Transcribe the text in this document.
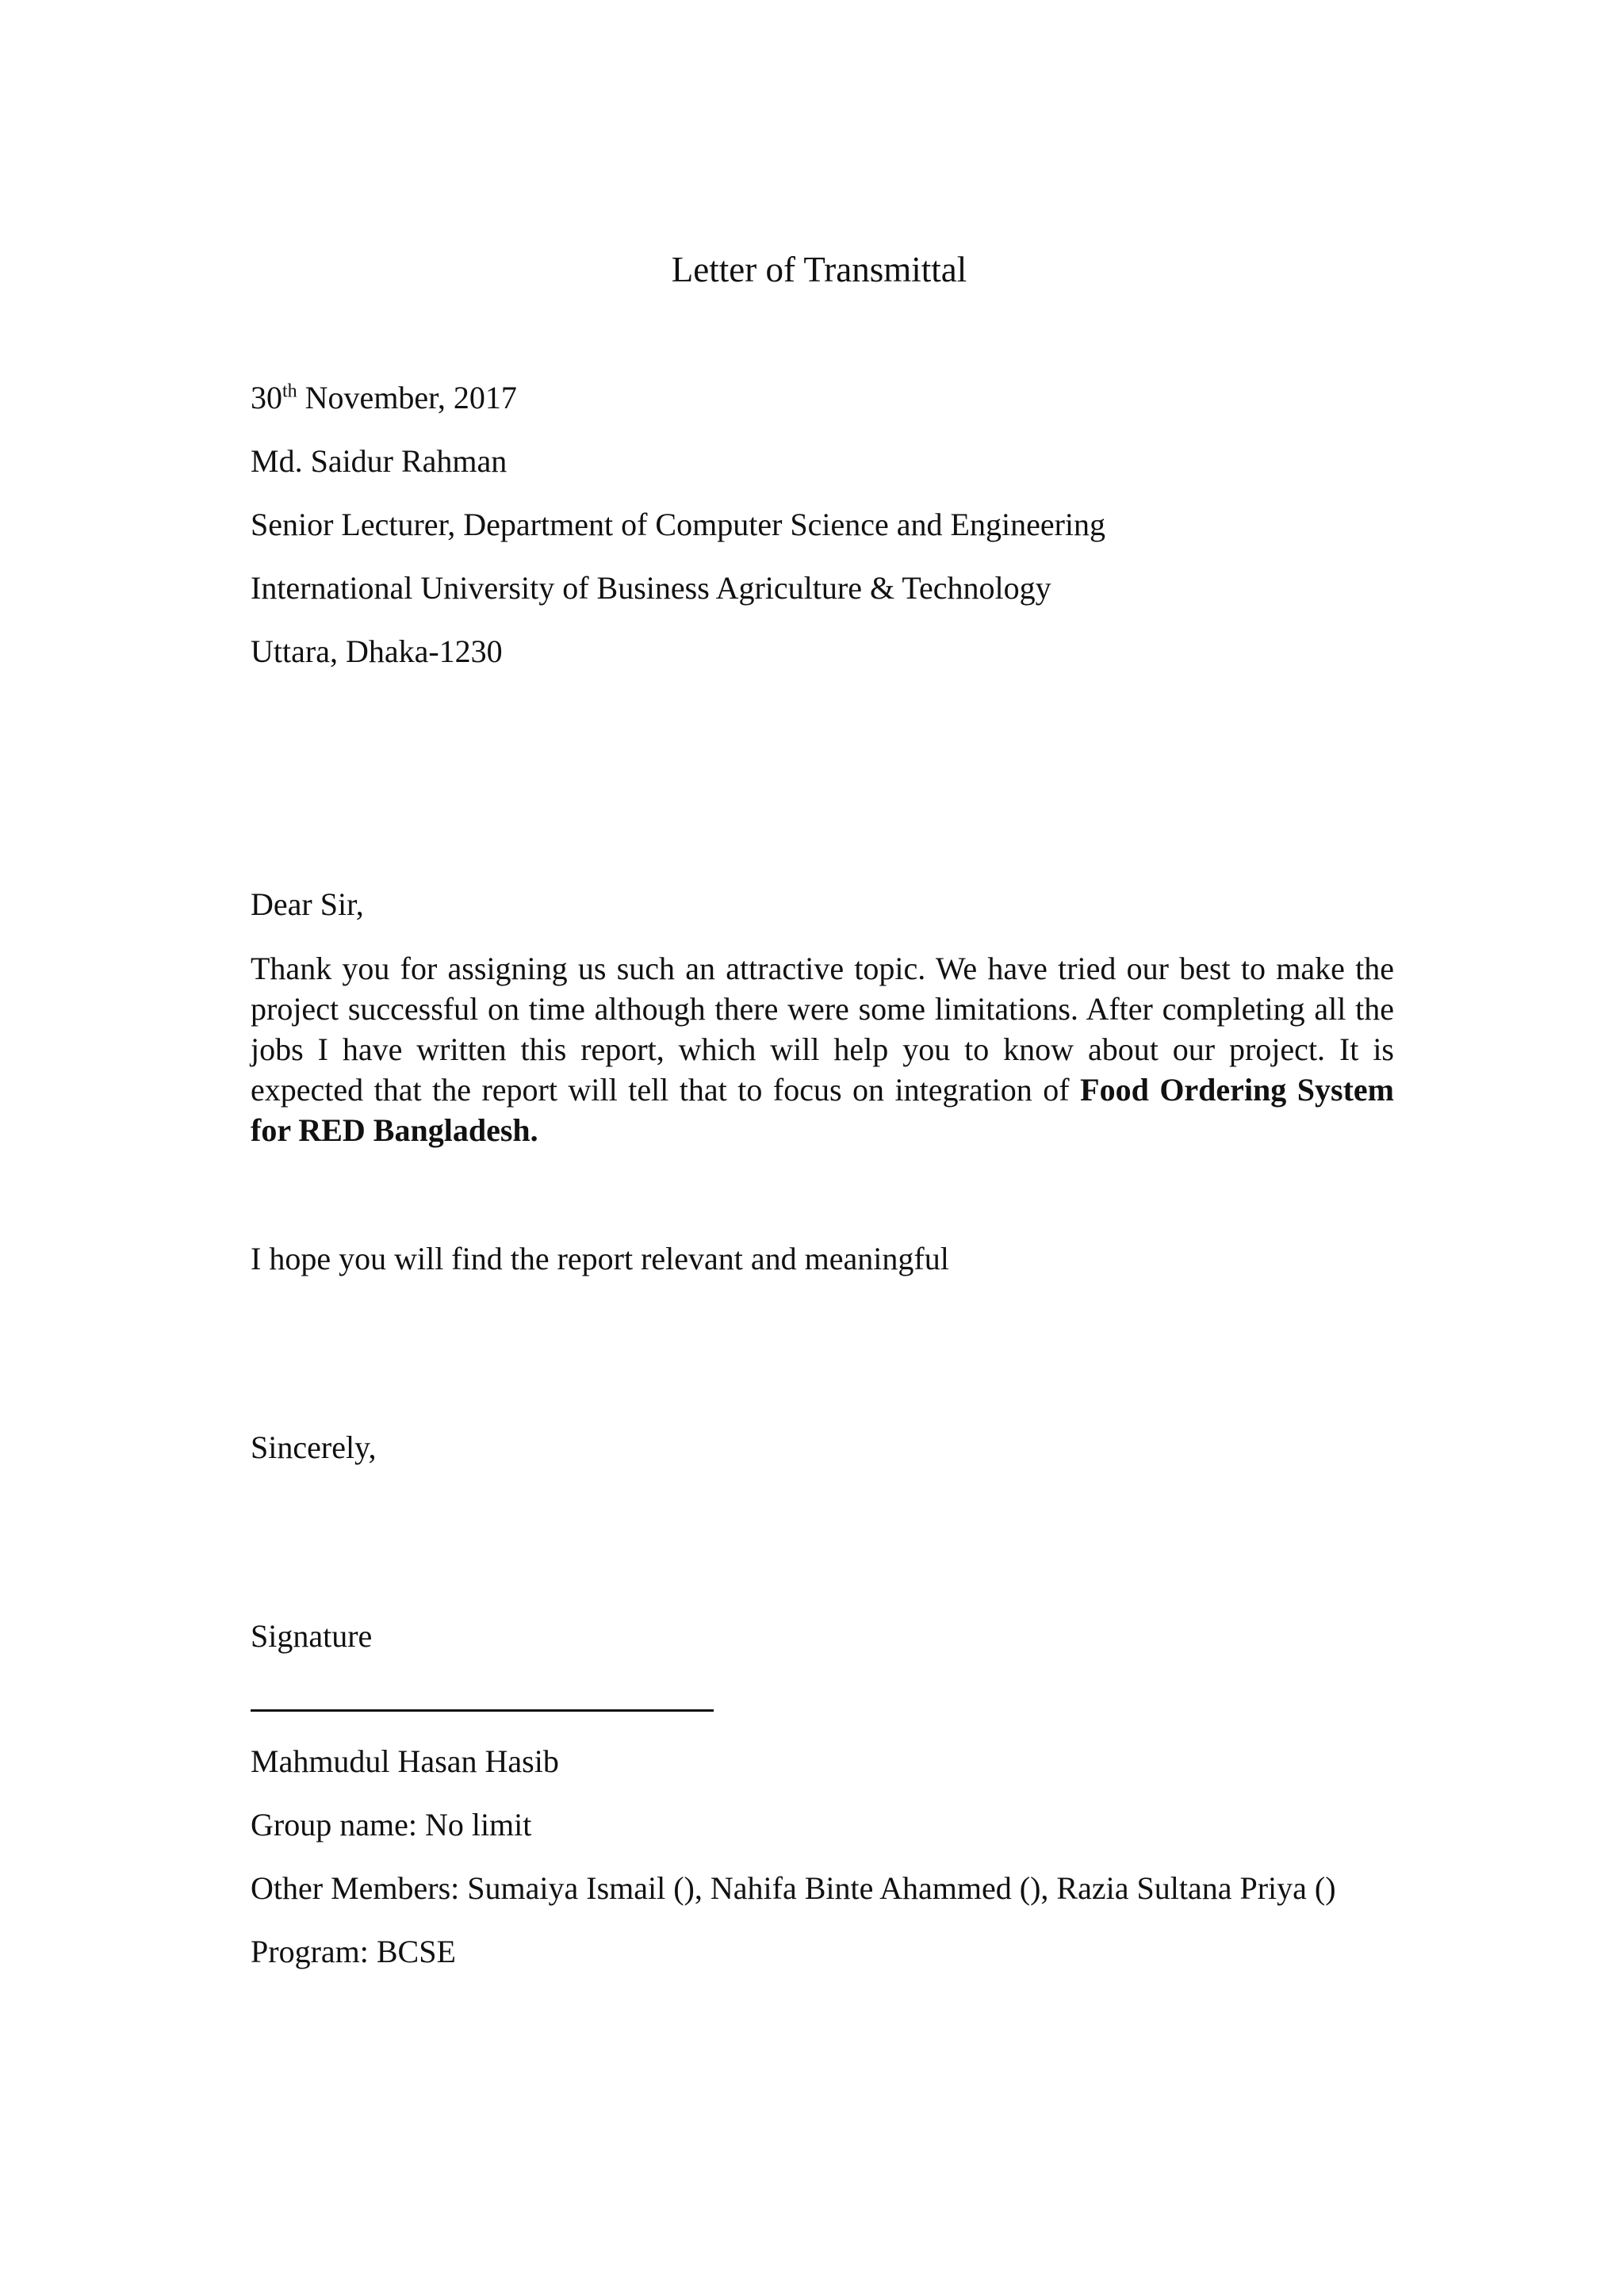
Letter of Transmittal
30th November, 2017
Md. Saidur Rahman
Senior Lecturer, Department of Computer Science and Engineering
International University of Business Agriculture & Technology
Uttara, Dhaka-1230
Dear Sir,
Thank you for assigning us such an attractive topic. We have tried our best to make the project successful on time although there were some limitations. After completing all the jobs I have written this report, which will help you to know about our project. It is expected that the report will tell that to focus on integration of Food Ordering System for RED Bangladesh.
I hope you will find the report relevant and meaningful
Sincerely,
Signature
Mahmudul Hasan Hasib
Group name: No limit
Other Members: Sumaiya Ismail (), Nahifa Binte Ahammed (), Razia Sultana Priya ()
Program: BCSE
